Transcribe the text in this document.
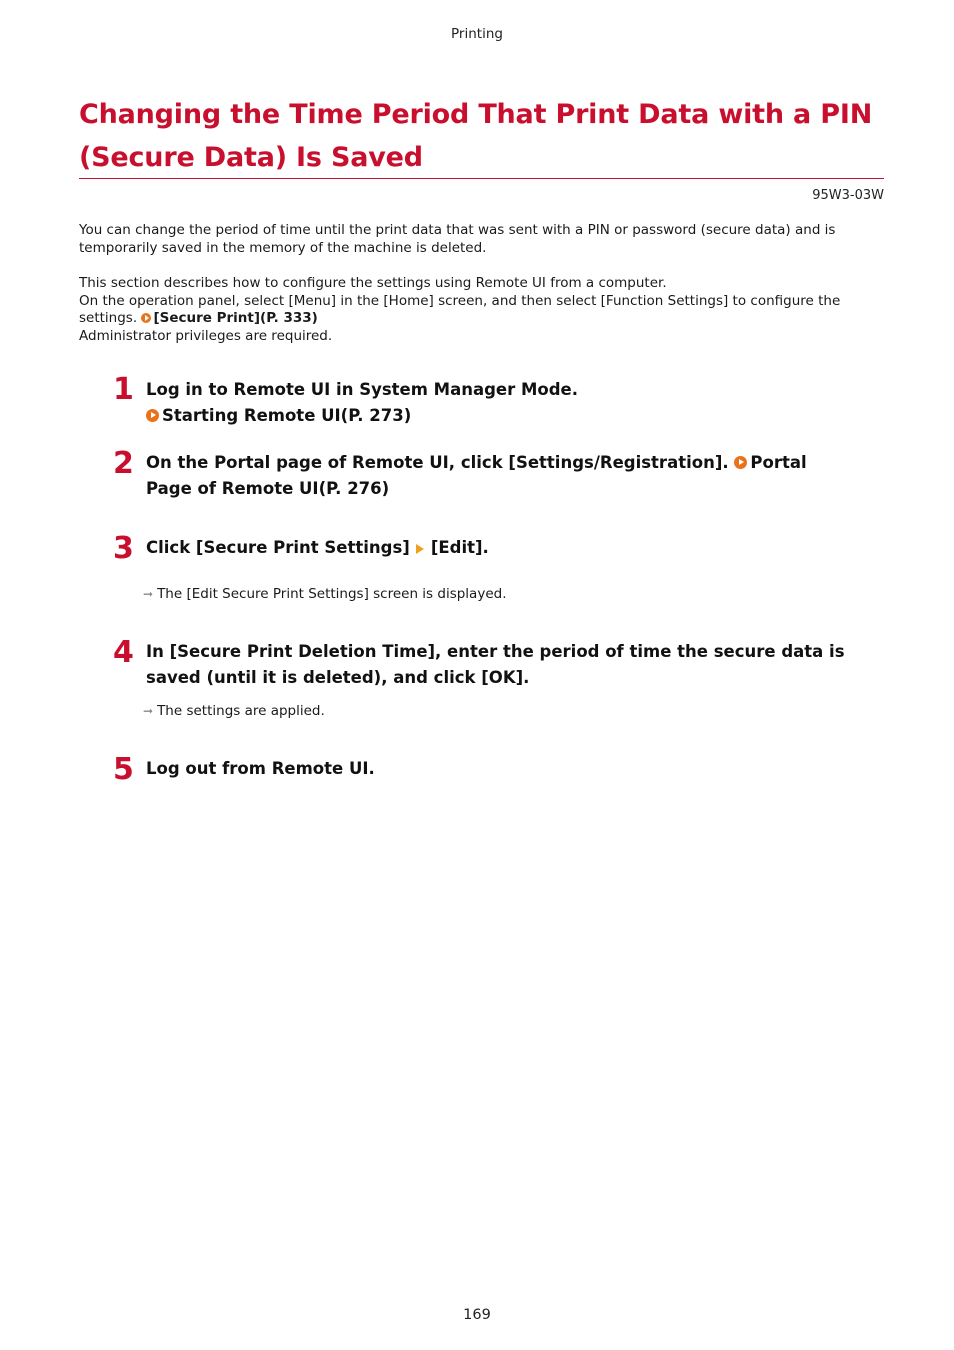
Printing
Changing the Time Period That Print Data with a PIN
(Secure Data) Is Saved
95W3-03W
You can change the period of time until the print data that was sent with a PIN or password (secure data) and is temporarily saved in the memory of the machine is deleted.
This section describes how to configure the settings using Remote UI from a computer.
On the operation panel, select [Menu] in the [Home] screen, and then select [Function Settings] to configure the settings. [Secure Print](P. 333)
Administrator privileges are required.
1 Log in to Remote UI in System Manager Mode. Starting Remote UI(P. 273)
2 On the Portal page of Remote UI, click [Settings/Registration]. Portal Page of Remote UI(P. 276)
3 Click [Secure Print Settings] [Edit].
➞ The [Edit Secure Print Settings] screen is displayed.
4 In [Secure Print Deletion Time], enter the period of time the secure data is saved (until it is deleted), and click [OK].
➞ The settings are applied.
5 Log out from Remote UI.
169
